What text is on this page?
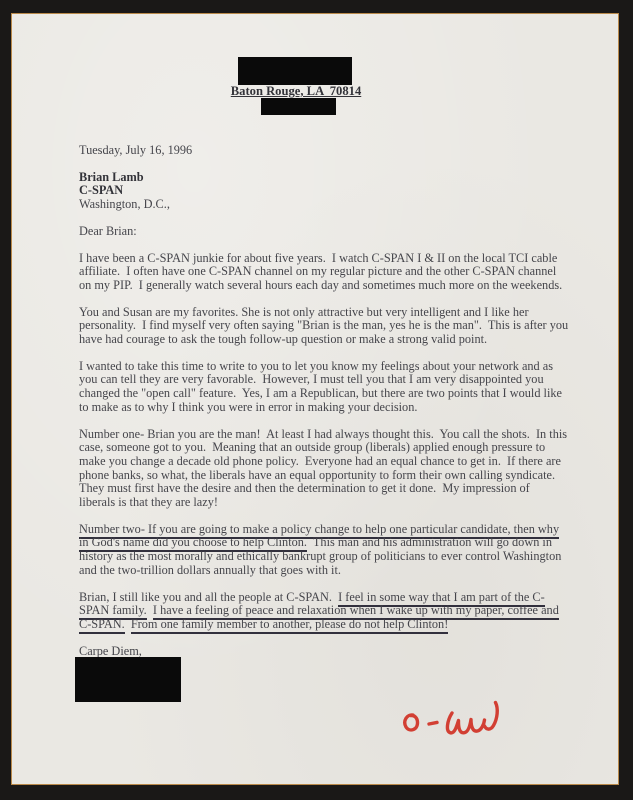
Baton Rouge, LA  70814
Tuesday, July 16, 1996
Brian Lamb
C-SPAN
Washington, D.C.,
Dear Brian:
I have been a C-SPAN junkie for about five years.  I watch C-SPAN I & II on the local TCI cable
affiliate.  I often have one C-SPAN channel on my regular picture and the other C-SPAN channel
on my PIP.  I generally watch several hours each day and sometimes much more on the weekends.
You and Susan are my favorites. She is not only attractive but very intelligent and I like her
personality.  I find myself very often saying "Brian is the man, yes he is the man".  This is after you
have had courage to ask the tough follow-up question or make a strong valid point.
I wanted to take this time to write to you to let you know my feelings about your network and as
you can tell they are very favorable.  However, I must tell you that I am very disappointed you
changed the "open call" feature.  Yes, I am a Republican, but there are two points that I would like
to make as to why I think you were in error in making your decision.
Number one- Brian you are the man!  At least I had always thought this.  You call the shots.  In this
case, someone got to you.  Meaning that an outside group (liberals) applied enough pressure to
make you change a decade old phone policy.  Everyone had an equal chance to get in.  If there are
phone banks, so what, the liberals have an equal opportunity to form their own calling syndicate.
They must first have the desire and then the determination to get it done.  My impression of
liberals is that they are lazy!
Number two- If you are going to make a policy change to help one particular candidate, then why
in God's name did you choose to help Clinton.  This man and his administration will go down in
history as the most morally and ethically bankrupt group of politicians to ever control Washington
and the two-trillion dollars annually that goes with it.
Brian, I still like you and all the people at C-SPAN.  I feel in some way that I am part of the C-
SPAN family. I have a feeling of peace and relaxation when I wake up with my paper, coffee and
C-SPAN. From one family member to another, please do not help Clinton!
Carpe Diem,
